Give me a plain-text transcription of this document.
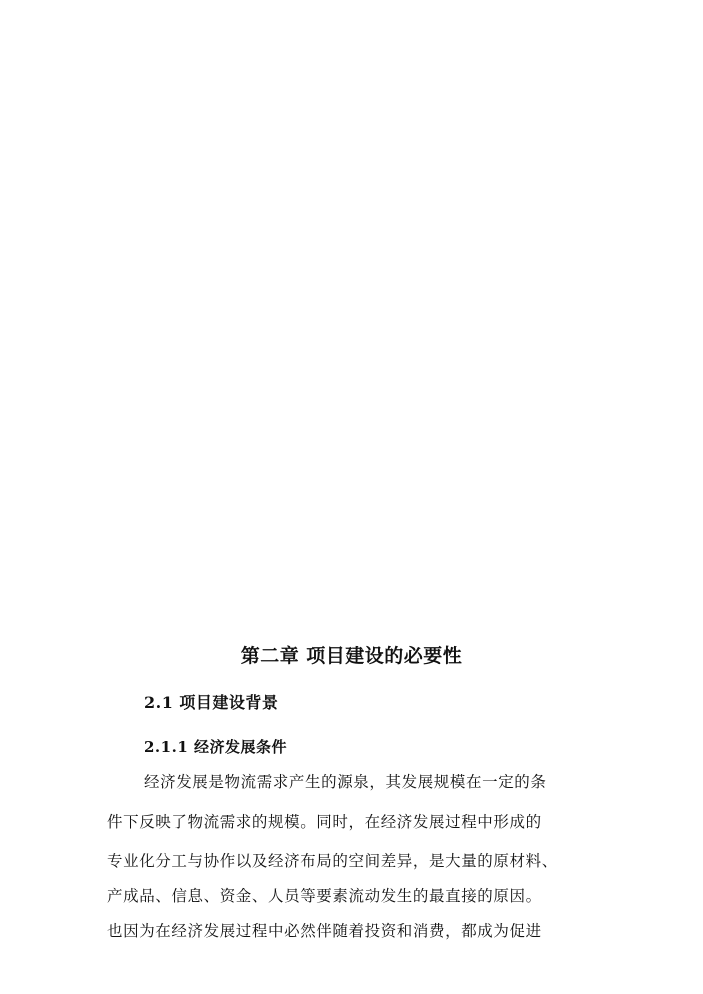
第二章 项目建设的必要性
2.1 项目建设背景
2.1.1 经济发展条件

经济发展是物流需求产生的源泉，其发展规模在一定的条

件下反映了物流需求的规模。同时，在经济发展过程中形成的

专业化分工与协作以及经济布局的空间差异，是大量的原材料、

产成品、信息、资金、人员等要素流动发生的最直接的原因。

也因为在经济发展过程中必然伴随着投资和消费，都成为促进
